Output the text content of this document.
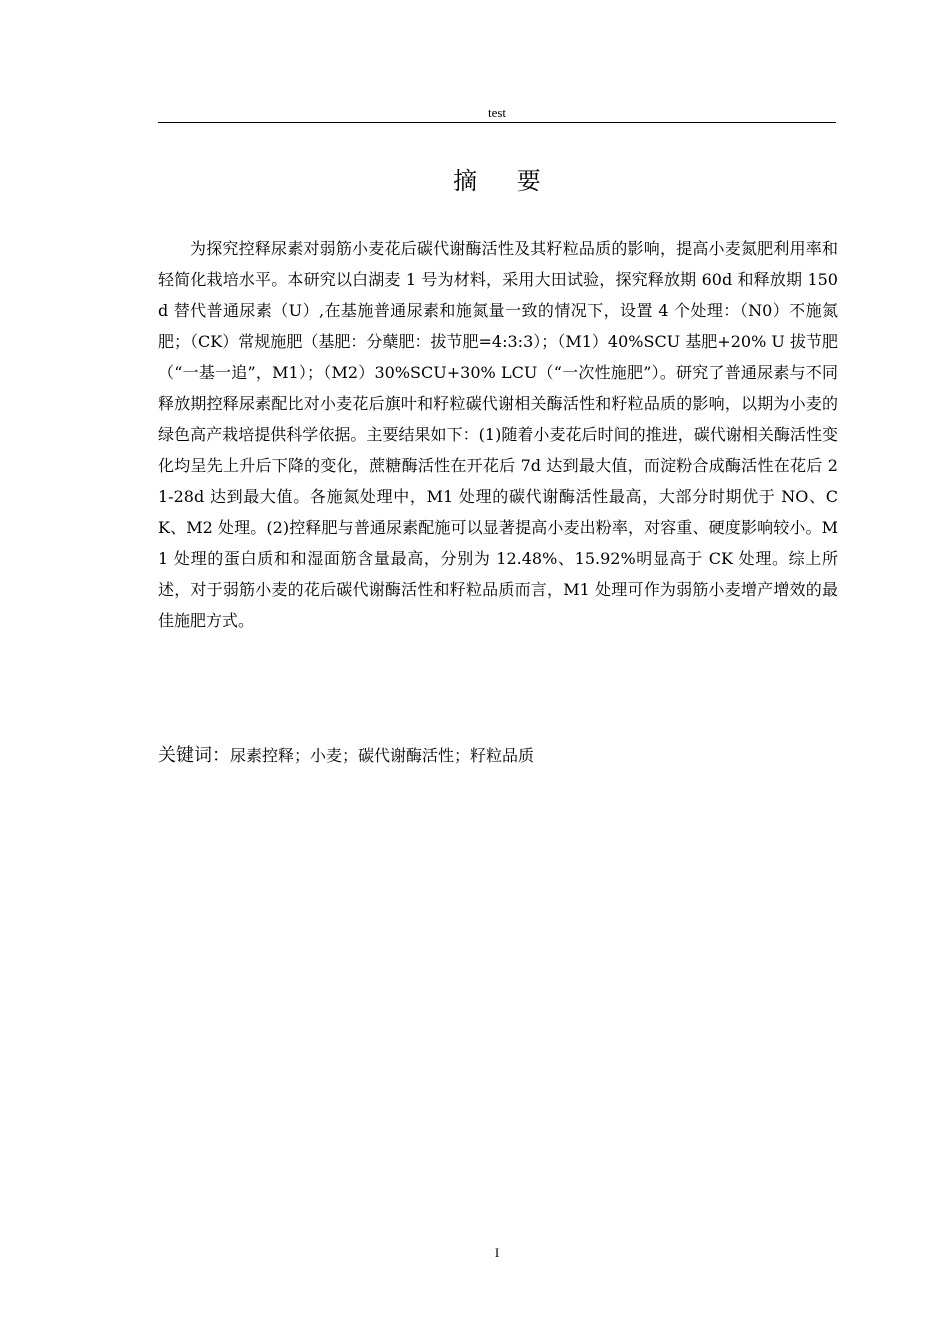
test
摘 要

为探究控释尿素对弱筋小麦花后碳代谢酶活性及其籽粒品质的影响，提高小麦氮肥利用率和轻简化栽培水平。本研究以白湖麦 1 号为材料，采用大田试验，探究释放期 60d 和释放期 150d 替代普通尿素（U）,在基施普通尿素和施氮量一致的情况下，设置 4 个处理：（N0）不施氮肥；（CK）常规施肥（基肥：分蘖肥：拔节肥=4:3:3）；（M1）40%SCU 基肥+20% U 拔节肥（“一基一追”，M1）；（M2）30%SCU+30% LCU（“一次性施肥”）。研究了普通尿素与不同释放期控释尿素配比对小麦花后旗叶和籽粒碳代谢相关酶活性和籽粒品质的影响，以期为小麦的绿色高产栽培提供科学依据。主要结果如下：(1)随着小麦花后时间的推进，碳代谢相关酶活性变化均呈先上升后下降的变化，蔗糖酶活性在开花后 7d 达到最大值，而淀粉合成酶活性在花后 21-28d 达到最大值。各施氮处理中，M1 处理的碳代谢酶活性最高，大部分时期优于 NO、CK、M2 处理。(2)控释肥与普通尿素配施可以显著提高小麦出粉率，对容重、硬度影响较小。M1 处理的蛋白质和和湿面筋含量最高，分别为 12.48%、15.92%明显高于 CK 处理。综上所述，对于弱筋小麦的花后碳代谢酶活性和籽粒品质而言，M1 处理可作为弱筋小麦增产增效的最佳施肥方式。

关键词：尿素控释；小麦；碳代谢酶活性；籽粒品质
I
